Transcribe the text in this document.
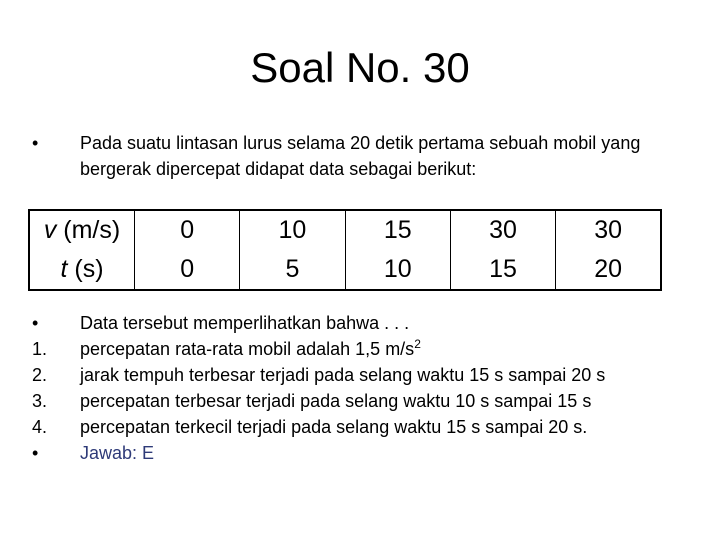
Soal No. 30
•	Pada suatu lintasan lurus selama 20 detik pertama sebuah mobil yang bergerak dipercepat didapat data sebagai berikut:
v (m/s)	0	10	15	30	30
t (s)	0	5	10	15	20
•	Data tersebut memperlihatkan bahwa . . .
1.	percepatan rata-rata mobil adalah 1,5 $m/s^2$
2.	jarak tempuh terbesar terjadi pada selang waktu 15 s sampai 20 s
3.	percepatan terbesar terjadi pada selang waktu 10 s sampai 15 s
4.	percepatan terkecil terjadi pada selang waktu 15 s sampai 20 s.
•	Jawab: E
